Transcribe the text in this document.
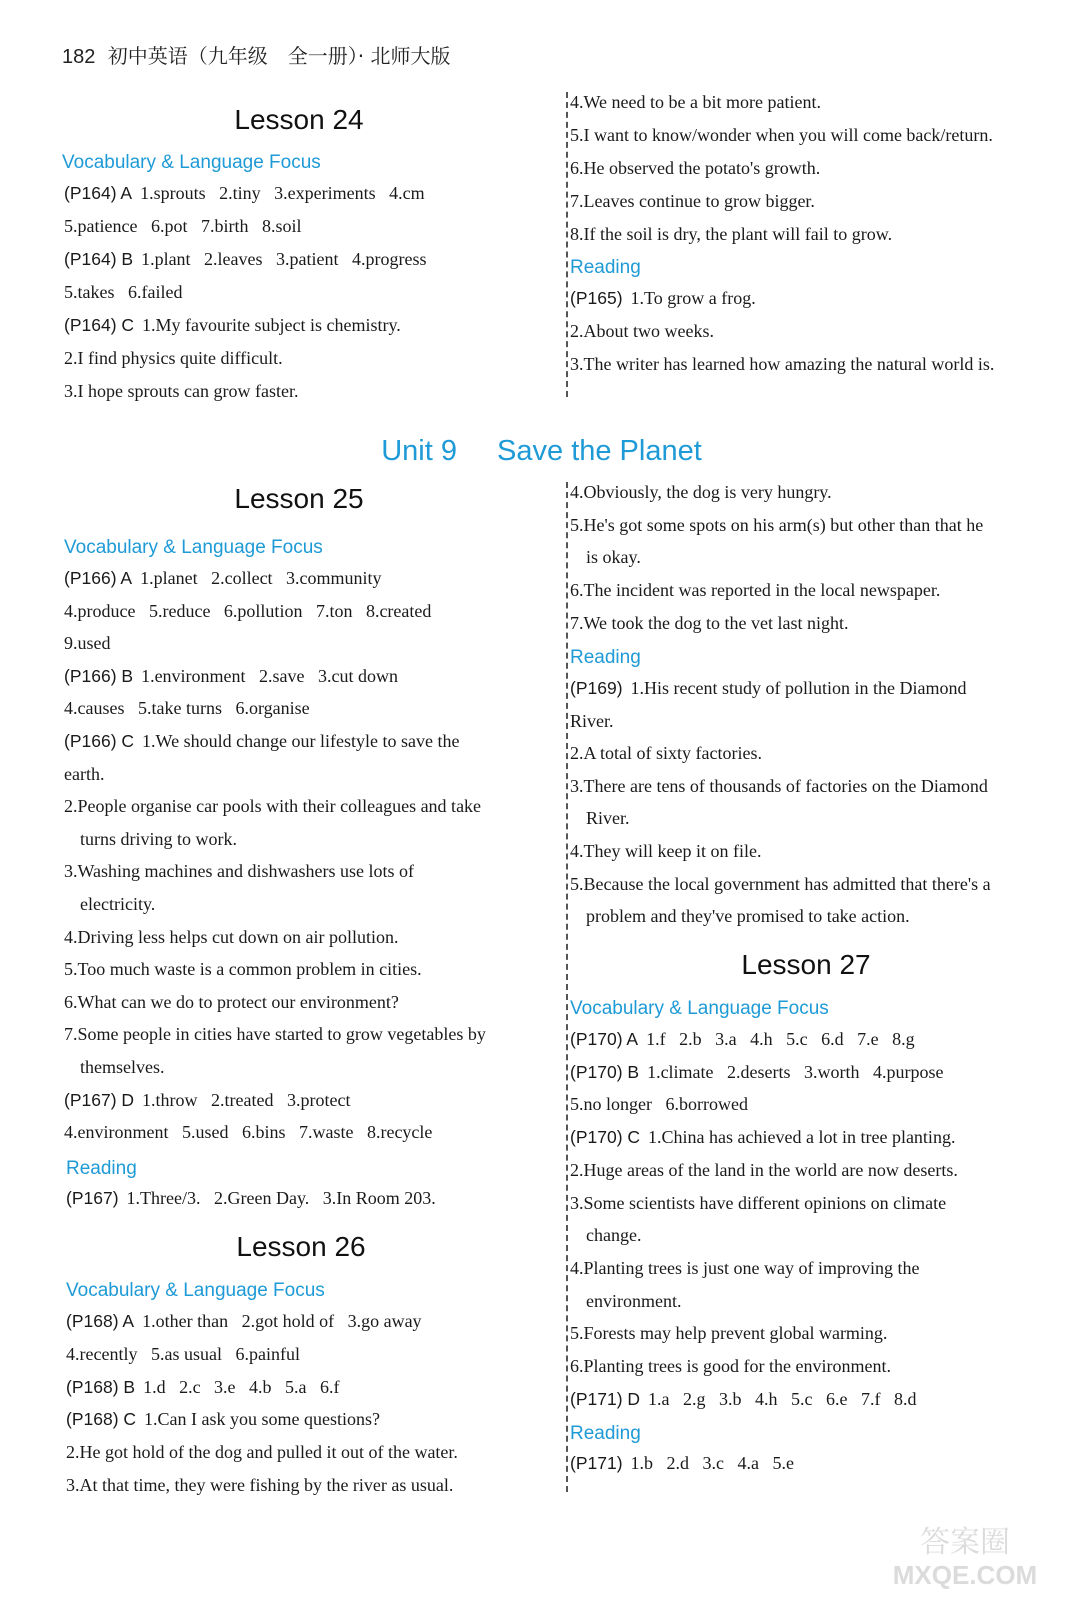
182 初中英语（九年级　全一册）· 北师大版
Lesson 24
Vocabulary & Language Focus
(P164) A 1.sprouts   2.tiny   3.experiments   4.cm
5.patience   6.pot   7.birth   8.soil
(P164) B 1.plant   2.leaves   3.patient   4.progress
5.takes   6.failed
(P164) C 1.My favourite subject is chemistry.
2.I find physics quite difficult.
3.I hope sprouts can grow faster.
4.We need to be a bit more patient.
5.I want to know/wonder when you will come back/return.
6.He observed the potato's growth.
7.Leaves continue to grow bigger.
8.If the soil is dry, the plant will fail to grow.
Reading
(P165) 1.To grow a frog.
2.About two weeks.
3.The writer has learned how amazing the natural world is.
Unit 9 Save the Planet
Lesson 25
Vocabulary & Language Focus
(P166) A 1.planet   2.collect   3.community
4.produce   5.reduce   6.pollution   7.ton   8.created
9.used
(P166) B 1.environment   2.save   3.cut down
4.causes   5.take turns   6.organise
(P166) C 1.We should change our lifestyle to save the
earth.
2.People organise car pools with their colleagues and take
turns driving to work.
3.Washing machines and dishwashers use lots of
electricity.
4.Driving less helps cut down on air pollution.
5.Too much waste is a common problem in cities.
6.What can we do to protect our environment?
7.Some people in cities have started to grow vegetables by
themselves.
(P167) D 1.throw   2.treated   3.protect
4.environment   5.used   6.bins   7.waste   8.recycle
Reading
(P167) 1.Three/3.   2.Green Day.   3.In Room 203.
Lesson 26
Vocabulary & Language Focus
(P168) A 1.other than   2.got hold of   3.go away
4.recently   5.as usual   6.painful
(P168) B 1.d   2.c   3.e   4.b   5.a   6.f
(P168) C 1.Can I ask you some questions?
2.He got hold of the dog and pulled it out of the water.
3.At that time, they were fishing by the river as usual.
4.Obviously, the dog is very hungry.
5.He's got some spots on his arm(s) but other than that he
is okay.
6.The incident was reported in the local newspaper.
7.We took the dog to the vet last night.
Reading
(P169) 1.His recent study of pollution in the Diamond
River.
2.A total of sixty factories.
3.There are tens of thousands of factories on the Diamond
River.
4.They will keep it on file.
5.Because the local government has admitted that there's a
problem and they've promised to take action.
Lesson 27
Vocabulary & Language Focus
(P170) A 1.f   2.b   3.a   4.h   5.c   6.d   7.e   8.g
(P170) B 1.climate   2.deserts   3.worth   4.purpose
5.no longer   6.borrowed
(P170) C 1.China has achieved a lot in tree planting.
2.Huge areas of the land in the world are now deserts.
3.Some scientists have different opinions on climate
change.
4.Planting trees is just one way of improving the
environment.
5.Forests may help prevent global warming.
6.Planting trees is good for the environment.
(P171) D 1.a   2.g   3.b   4.h   5.c   6.e   7.f   8.d
Reading
(P171) 1.b   2.d   3.c   4.a   5.e
答案圈
MXQE.COM
